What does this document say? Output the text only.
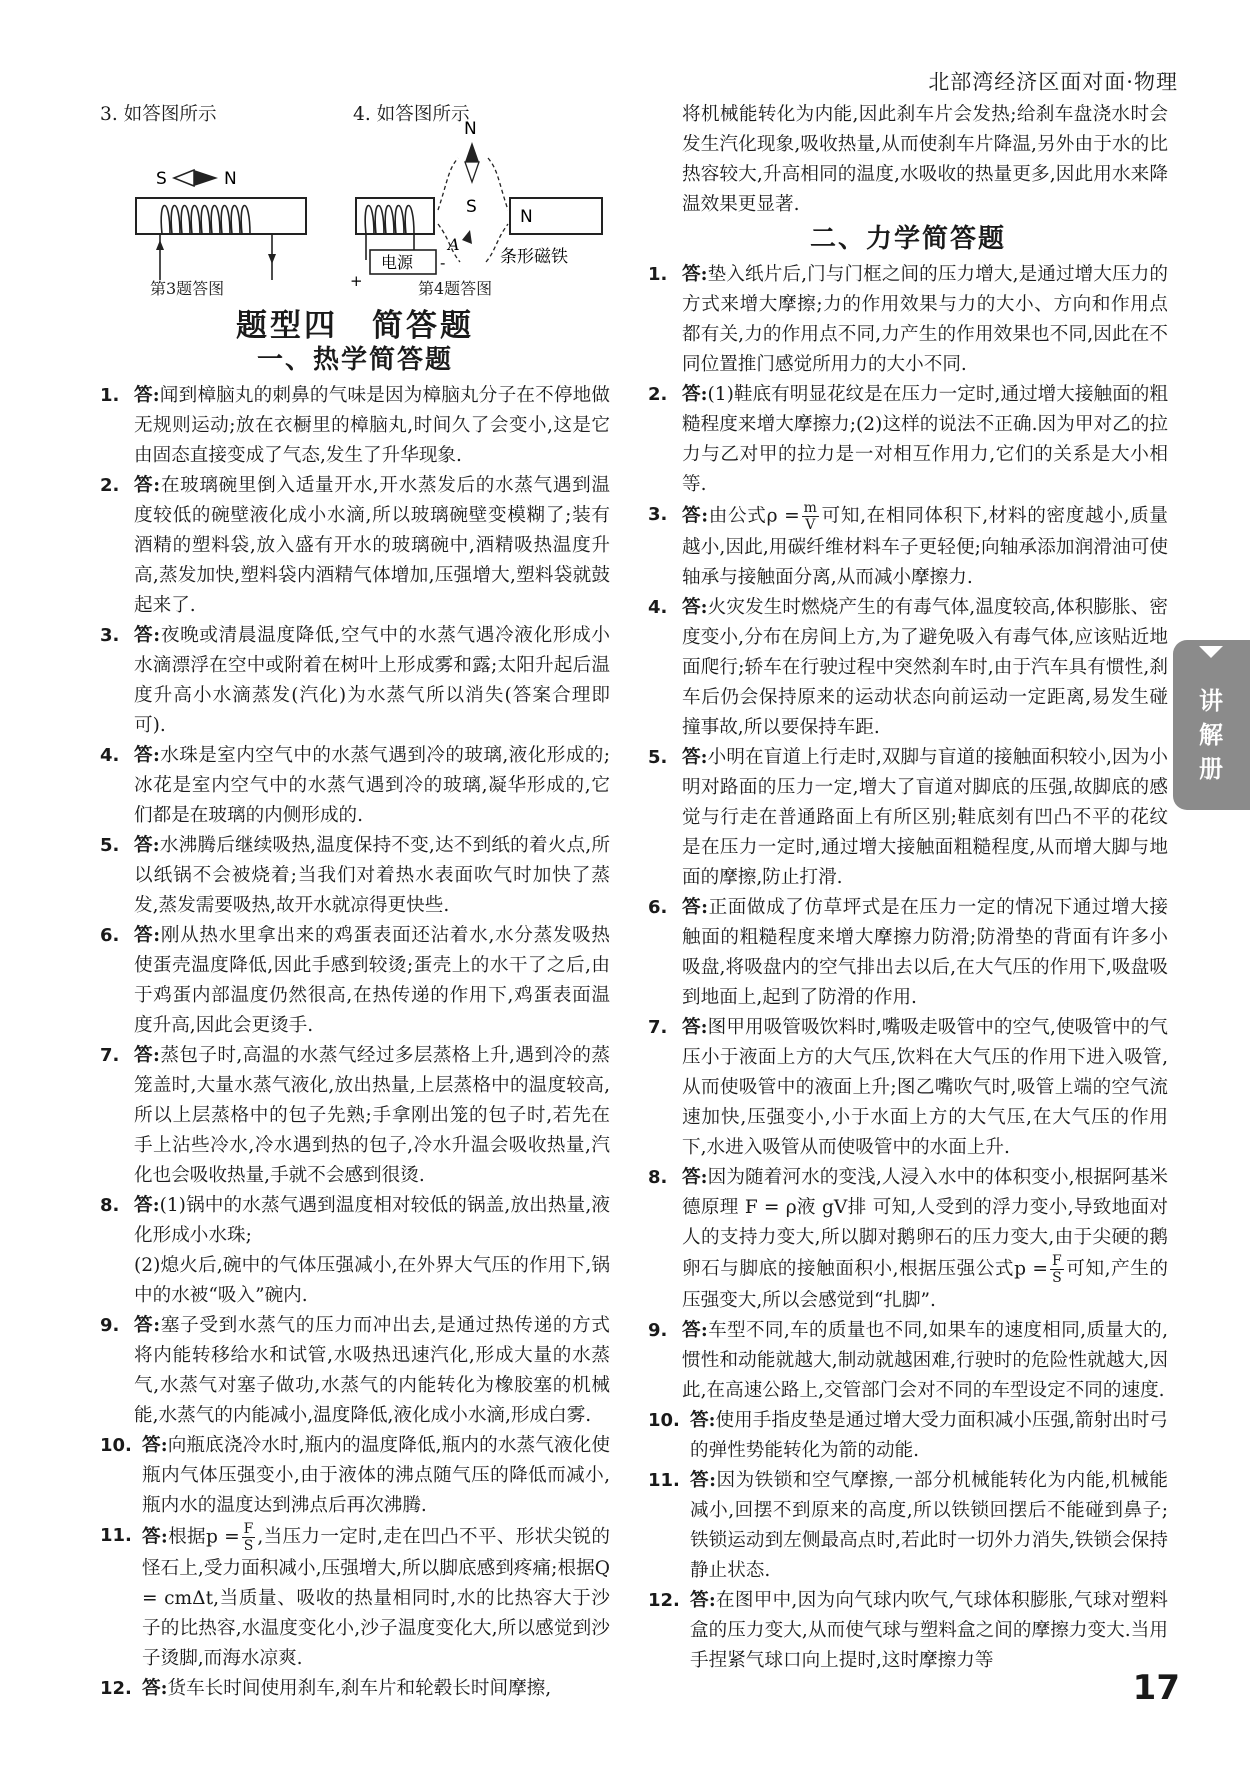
北部湾经济区面对面·物理
3. 如答图所示	4. 如答图所示
S	N
电源
+
-
N
S
A
N
条形磁铁
第3题答图	第4题答图
题型四　简答题
一、热学简答题
1. 答:闻到樟脑丸的刺鼻的气味是因为樟脑丸分子在不停地做无规则运动;放在衣橱里的樟脑丸,时间久了会变小,这是它由固态直接变成了气态,发生了升华现象.
2. 答:在玻璃碗里倒入适量开水,开水蒸发后的水蒸气遇到温度较低的碗壁液化成小水滴,所以玻璃碗壁变模糊了;装有酒精的塑料袋,放入盛有开水的玻璃碗中,酒精吸热温度升高,蒸发加快,塑料袋内酒精气体增加,压强增大,塑料袋就鼓起来了.
3. 答:夜晚或清晨温度降低,空气中的水蒸气遇冷液化形成小水滴漂浮在空中或附着在树叶上形成雾和露;太阳升起后温度升高小水滴蒸发(汽化)为水蒸气所以消失(答案合理即可).
4. 答:水珠是室内空气中的水蒸气遇到冷的玻璃,液化形成的;冰花是室内空气中的水蒸气遇到冷的玻璃,凝华形成的,它们都是在玻璃的内侧形成的.
5. 答:水沸腾后继续吸热,温度保持不变,达不到纸的着火点,所以纸锅不会被烧着;当我们对着热水表面吹气时加快了蒸发,蒸发需要吸热,故开水就凉得更快些.
6. 答:刚从热水里拿出来的鸡蛋表面还沾着水,水分蒸发吸热使蛋壳温度降低,因此手感到较烫;蛋壳上的水干了之后,由于鸡蛋内部温度仍然很高,在热传递的作用下,鸡蛋表面温度升高,因此会更烫手.
7. 答:蒸包子时,高温的水蒸气经过多层蒸格上升,遇到冷的蒸笼盖时,大量水蒸气液化,放出热量,上层蒸格中的温度较高,所以上层蒸格中的包子先熟;手拿刚出笼的包子时,若先在手上沾些冷水,冷水遇到热的包子,冷水升温会吸收热量,汽化也会吸收热量,手就不会感到很烫.
8. 答:(1)锅中的水蒸气遇到温度相对较低的锅盖,放出热量,液化形成小水珠;
(2)熄火后,碗中的气体压强减小,在外界大气压的作用下,锅中的水被“吸入”碗内.
9. 答:塞子受到水蒸气的压力而冲出去,是通过热传递的方式将内能转移给水和试管,水吸热迅速汽化,形成大量的水蒸气,水蒸气对塞子做功,水蒸气的内能转化为橡胶塞的机械能,水蒸气的内能减小,温度降低,液化成小水滴,形成白雾.
10. 答:向瓶底浇冷水时,瓶内的温度降低,瓶内的水蒸气液化使瓶内气体压强变小,由于液体的沸点随气压的降低而减小,瓶内水的温度达到沸点后再次沸腾.
11. 答:根据$p = \frac{F}{S}$ ,当压力一定时,走在凹凸不平、形状尖锐的怪石上,受力面积减小,压强增大,所以脚底感到疼痛;根据Q = cmΔt,当质量、吸收的热量相同时,水的比热容大于沙子的比热容,水温度变化小,沙子温度变化大,所以感觉到沙子烫脚,而海水凉爽.
12. 答:货车长时间使用刹车,刹车片和轮毂长时间摩擦,
将机械能转化为内能,因此刹车片会发热;给刹车盘浇水时会发生汽化现象,吸收热量,从而使刹车片降温,另外由于水的比热容较大,升高相同的温度,水吸收的热量更多,因此用水来降温效果更显著.
二、力学简答题
1. 答:垫入纸片后,门与门框之间的压力增大,是通过增大压力的方式来增大摩擦;力的作用效果与力的大小、方向和作用点都有关,力的作用点不同,力产生的作用效果也不同,因此在不同位置推门感觉所用力的大小不同.
2. 答:(1)鞋底有明显花纹是在压力一定时,通过增大接触面的粗糙程度来增大摩擦力;(2)这样的说法不正确.因为甲对乙的拉力与乙对甲的拉力是一对相互作用力,它们的关系是大小相等.
3. 答:由公式$\rho = \frac{m}{V}$ 可知,在相同体积下,材料的密度越小,质量越小,因此,用碳纤维材料车子更轻便;向轴承添加润滑油可使轴承与接触面分离,从而减小摩擦力.
4. 答:火灾发生时燃烧产生的有毒气体,温度较高,体积膨胀、密度变小,分布在房间上方,为了避免吸入有毒气体,应该贴近地面爬行;轿车在行驶过程中突然刹车时,由于汽车具有惯性,刹车后仍会保持原来的运动状态向前运动一定距离,易发生碰撞事故,所以要保持车距.
5. 答:小明在盲道上行走时,双脚与盲道的接触面积较小,因为小明对路面的压力一定,增大了盲道对脚底的压强,故脚底的感觉与行走在普通路面上有所区别;鞋底刻有凹凸不平的花纹是在压力一定时,通过增大接触面粗糙程度,从而增大脚与地面的摩擦,防止打滑.
6. 答:正面做成了仿草坪式是在压力一定的情况下通过增大接触面的粗糙程度来增大摩擦力防滑;防滑垫的背面有许多小吸盘,将吸盘内的空气排出去以后,在大气压的作用下,吸盘吸到地面上,起到了防滑的作用.
7. 答:图甲用吸管吸饮料时,嘴吸走吸管中的空气,使吸管中的气压小于液面上方的大气压,饮料在大气压的作用下进入吸管,从而使吸管中的液面上升;图乙嘴吹气时,吸管上端的空气流速加快,压强变小,小于水面上方的大气压,在大气压的作用下,水进入吸管从而使吸管中的水面上升.
8. 答:因为随着河水的变浅,人浸入水中的体积变小,根据阿基米德原理 F = ρ液 gV排 可知,人受到的浮力变小,导致地面对人的支持力变大,所以脚对鹅卵石的压力变大,由于尖硬的鹅卵石与脚底的接触面积小,根据压强公式$p = \frac{F}{S}$ 可知,产生的压强变大,所以会感觉到“扎脚”.
9. 答:车型不同,车的质量也不同,如果车的速度相同,质量大的,惯性和动能就越大,制动就越困难,行驶时的危险性就越大,因此,在高速公路上,交管部门会对不同的车型设定不同的速度.
10. 答:使用手指皮垫是通过增大受力面积减小压强,箭射出时弓的弹性势能转化为箭的动能.
11. 答:因为铁锁和空气摩擦,一部分机械能转化为内能,机械能减小,回摆不到原来的高度,所以铁锁回摆后不能碰到鼻子;铁锁运动到左侧最高点时,若此时一切外力消失,铁锁会保持静止状态.
12. 答:在图甲中,因为向气球内吹气,气球体积膨胀,气球对塑料盒的压力变大,从而使气球与塑料盒之间的摩擦力变大.当用手捏紧气球口向上提时,这时摩擦力等
讲解册
17
